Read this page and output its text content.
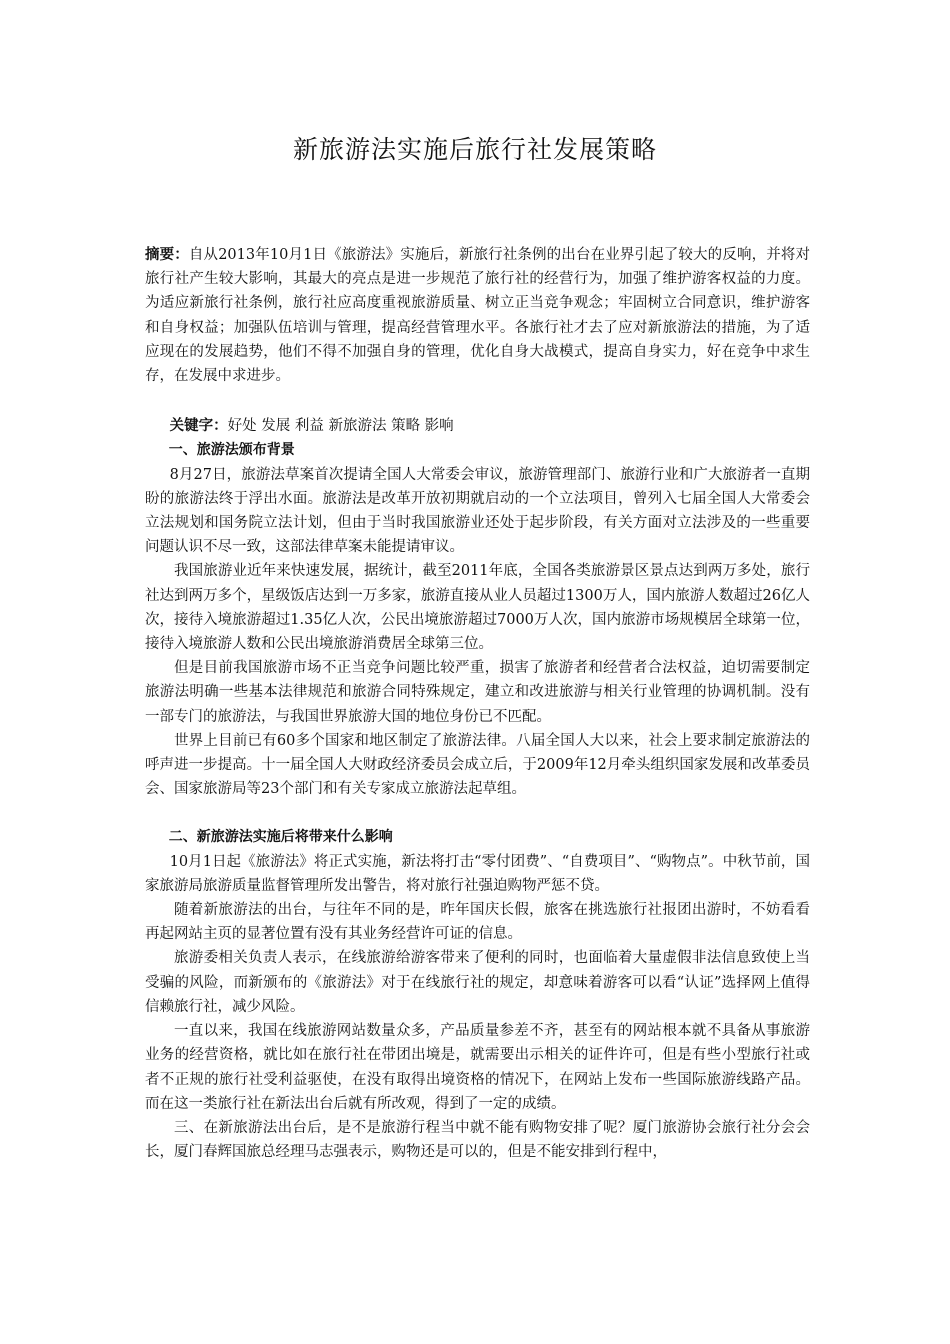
新旅游法实施后旅行社发展策略

摘要：自从2013年10月1日《旅游法》实施后，新旅行社条例的出台在业界引起了较大的反响，并将对旅行社产生较大影响，其最大的亮点是进一步规范了旅行社的经营行为，加强了维护游客权益的力度。为适应新旅行社条例，旅行社应高度重视旅游质量、树立正当竞争观念；牢固树立合同意识，维护游客和自身权益；加强队伍培训与管理，提高经营管理水平。各旅行社才去了应对新旅游法的措施，为了适应现在的发展趋势，他们不得不加强自身的管理，优化自身大战模式，提高自身实力，好在竞争中求生存，在发展中求进步。

关键字：好处 发展 利益 新旅游法 策略 影响

一、旅游法颁布背景

8月27日，旅游法草案首次提请全国人大常委会审议，旅游管理部门、旅游行业和广大旅游者一直期盼的旅游法终于浮出水面。旅游法是改革开放初期就启动的一个立法项目，曾列入七届全国人大常委会立法规划和国务院立法计划，但由于当时我国旅游业还处于起步阶段，有关方面对立法涉及的一些重要问题认识不尽一致，这部法律草案未能提请审议。

我国旅游业近年来快速发展，据统计，截至2011年底，全国各类旅游景区景点达到两万多处，旅行社达到两万多个，星级饭店达到一万多家，旅游直接从业人员超过1300万人，国内旅游人数超过26亿人次，接待入境旅游超过1.35亿人次，公民出境旅游超过7000万人次，国内旅游市场规模居全球第一位，接待入境旅游人数和公民出境旅游消费居全球第三位。

但是目前我国旅游市场不正当竞争问题比较严重，损害了旅游者和经营者合法权益，迫切需要制定旅游法明确一些基本法律规范和旅游合同特殊规定，建立和改进旅游与相关行业管理的协调机制。没有一部专门的旅游法，与我国世界旅游大国的地位身份已不匹配。

世界上目前已有60多个国家和地区制定了旅游法律。八届全国人大以来，社会上要求制定旅游法的呼声进一步提高。十一届全国人大财政经济委员会成立后，于2009年12月牵头组织国家发展和改革委员会、国家旅游局等23个部门和有关专家成立旅游法起草组。

二、新旅游法实施后将带来什么影响

10月1日起《旅游法》将正式实施，新法将打击“零付团费”、“自费项目”、“购物点”。中秋节前，国家旅游局旅游质量监督管理所发出警告，将对旅行社强迫购物严惩不贷。

随着新旅游法的出台，与往年不同的是，昨年国庆长假，旅客在挑选旅行社报团出游时，不妨看看再起网站主页的显著位置有没有其业务经营许可证的信息。

旅游委相关负责人表示，在线旅游给游客带来了便利的同时，也面临着大量虚假非法信息致使上当受骗的风险，而新颁布的《旅游法》对于在线旅行社的规定，却意味着游客可以看“认证”选择网上值得信赖旅行社，减少风险。

一直以来，我国在线旅游网站数量众多，产品质量参差不齐，甚至有的网站根本就不具备从事旅游业务的经营资格，就比如在旅行社在带团出境是，就需要出示相关的证件许可，但是有些小型旅行社或者不正规的旅行社受利益驱使，在没有取得出境资格的情况下，在网站上发布一些国际旅游线路产品。而在这一类旅行社在新法出台后就有所改观，得到了一定的成绩。

三、在新旅游法出台后，是不是旅游行程当中就不能有购物安排了呢？厦门旅游协会旅行社分会会长，厦门春辉国旅总经理马志强表示，购物还是可以的，但是不能安排到行程中，
